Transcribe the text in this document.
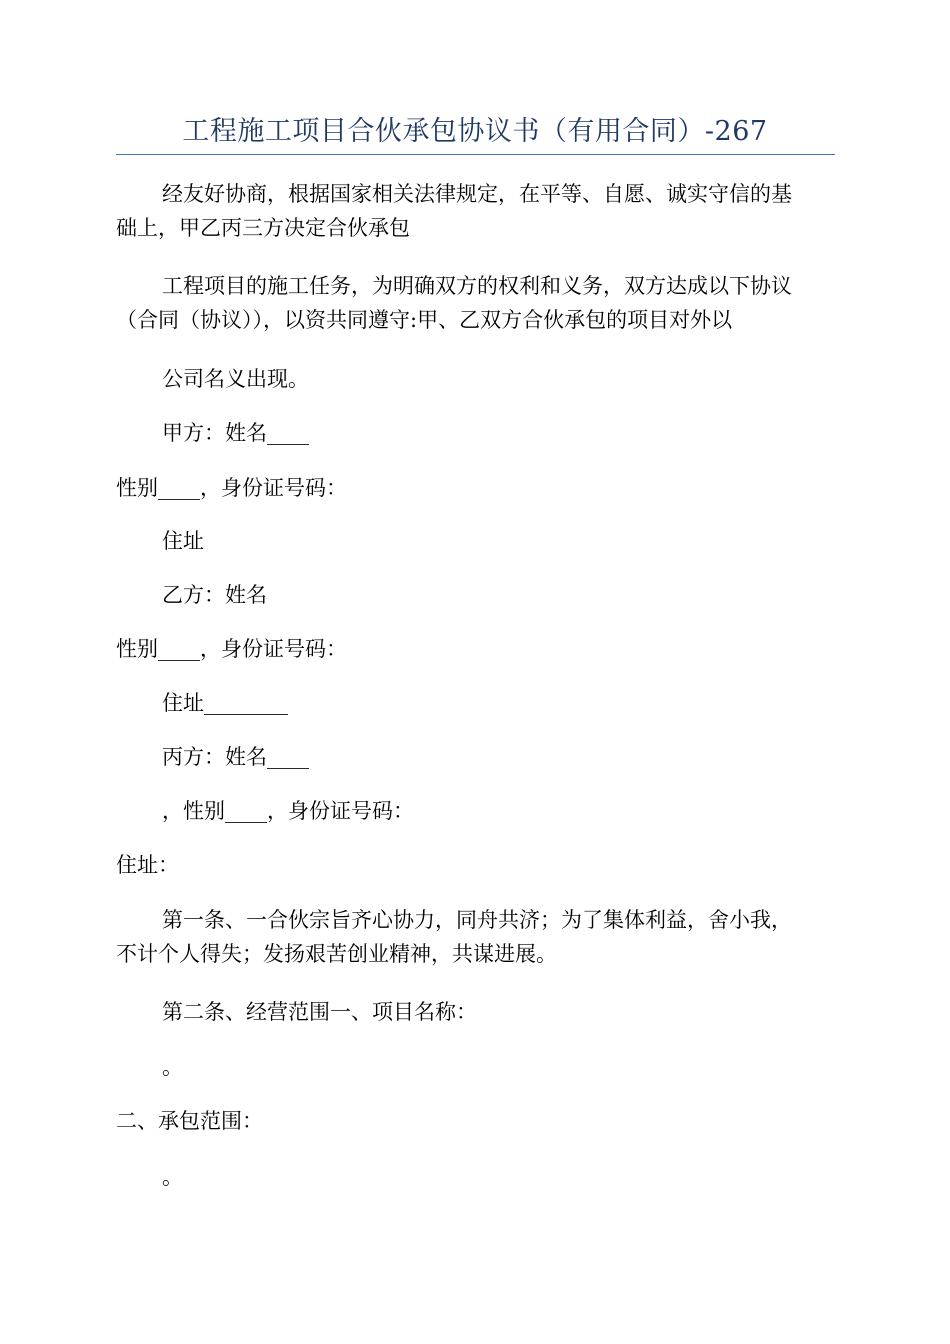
工程施工项目合伙承包协议书（有用合同）-267

经友好协商，根据国家相关法律规定，在平等、自愿、诚实守信的基
础上，甲乙丙三方决定合伙承包

工程项目的施工任务，为明确双方的权利和义务，双方达成以下协议
（合同（协议）），以资共同遵守:甲、乙双方合伙承包的项目对外以

公司名义出现。

甲方：姓名____

性别____，身份证号码：

住址

乙方：姓名

性别____，身份证号码：

住址________

丙方：姓名____

，性别____，身份证号码：

住址：

第一条、一合伙宗旨齐心协力，同舟共济；为了集体利益，舍小我，
不计个人得失；发扬艰苦创业精神，共谋进展。

第二条、经营范围一、项目名称：

。

二、承包范围：

。
